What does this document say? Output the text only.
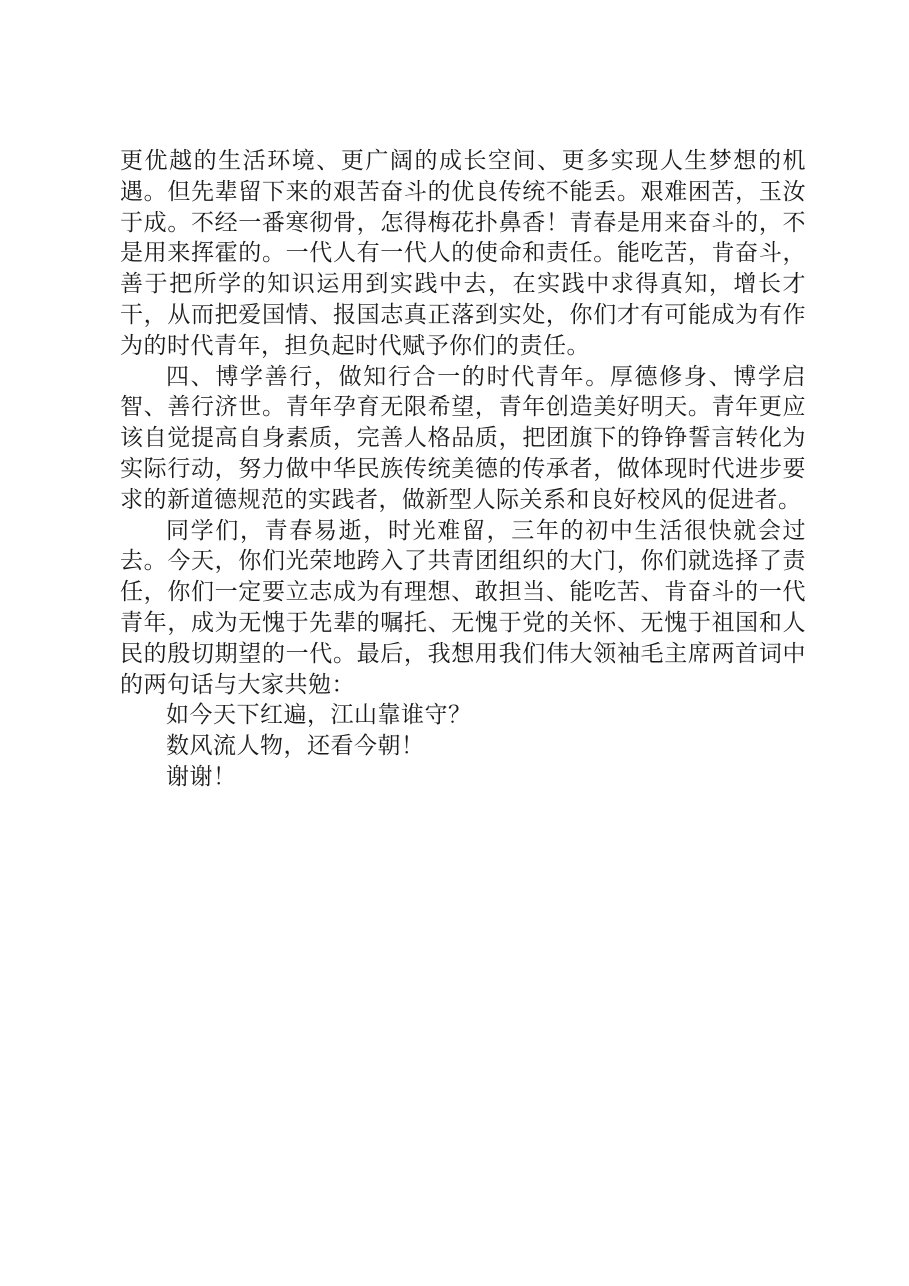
更优越的生活环境、更广阔的成长空间、更多实现人生梦想的机遇。但先辈留下来的艰苦奋斗的优良传统不能丢。艰难困苦，玉汝于成。不经一番寒彻骨，怎得梅花扑鼻香！青春是用来奋斗的，不是用来挥霍的。一代人有一代人的使命和责任。能吃苦，肯奋斗，善于把所学的知识运用到实践中去，在实践中求得真知，增长才干，从而把爱国情、报国志真正落到实处，你们才有可能成为有作为的时代青年，担负起时代赋予你们的责任。

四、博学善行，做知行合一的时代青年。厚德修身、博学启智、善行济世。青年孕育无限希望，青年创造美好明天。青年更应该自觉提高自身素质，完善人格品质，把团旗下的铮铮誓言转化为实际行动，努力做中华民族传统美德的传承者，做体现时代进步要求的新道德规范的实践者，做新型人际关系和良好校风的促进者。

同学们，青春易逝，时光难留，三年的初中生活很快就会过去。今天，你们光荣地跨入了共青团组织的大门，你们就选择了责任，你们一定要立志成为有理想、敢担当、能吃苦、肯奋斗的一代青年，成为无愧于先辈的嘱托、无愧于党的关怀、无愧于祖国和人民的殷切期望的一代。最后，我想用我们伟大领袖毛主席两首词中的两句话与大家共勉：

如今天下红遍，江山靠谁守？

数风流人物，还看今朝！

谢谢！
